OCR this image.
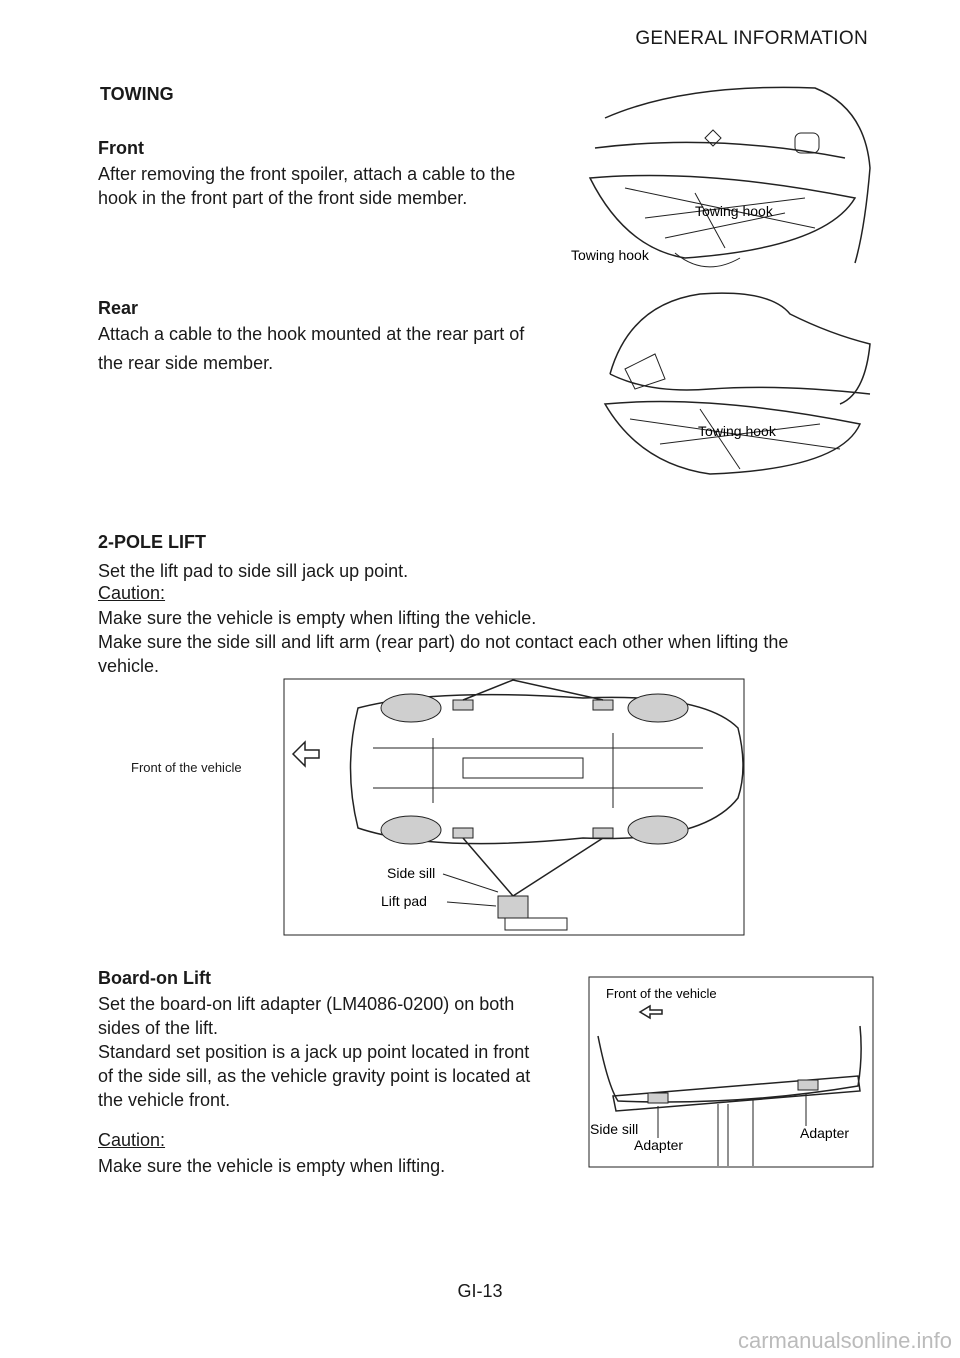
GENERAL INFORMATION
TOWING
Front
After removing the front spoiler, attach a cable to the
hook in the front part of the front side member.
Towing hook
Towing hook
Rear
Attach a cable to the hook mounted at the rear part of
the rear side member.
Towing hook
2-POLE LIFT
Set the lift pad to side sill jack up point.
Caution:
Make sure the vehicle is empty when lifting the vehicle.
Make sure the side sill and lift arm (rear part) do not contact each other when lifting the
vehicle.
Front of the vehicle
Side sill
Lift pad
Board-on Lift
Set the board-on lift adapter (LM4086-0200) on both
sides of the lift.
Standard set position is a jack up point located in front
of the side sill, as the vehicle gravity point is located at
the vehicle front.
Caution:
Make sure the vehicle is empty when lifting.
Front of the vehicle
Side sill
Adapter
Adapter
GI-13
carmanualsonline.info
